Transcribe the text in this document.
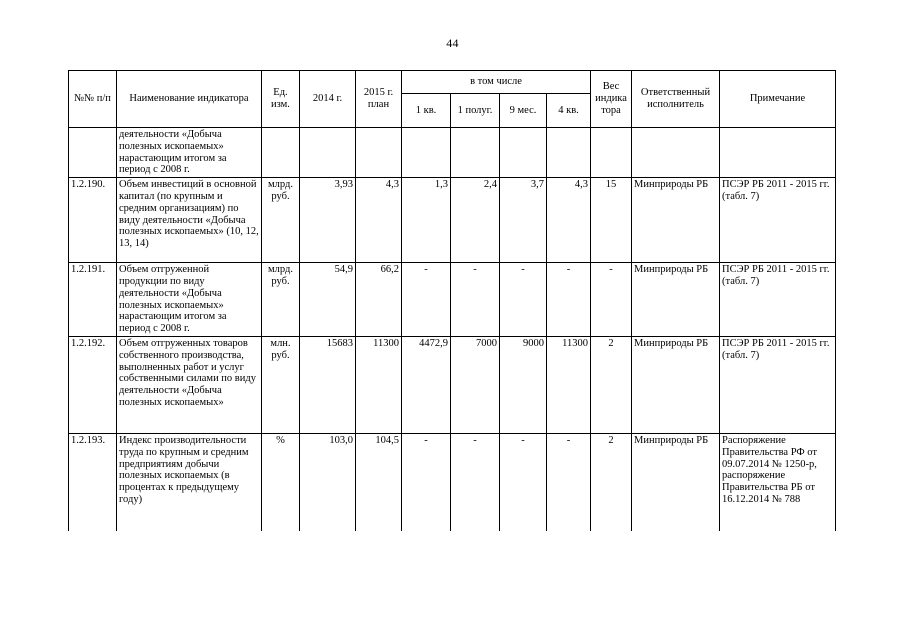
44
№№ п/п	Наименование индикатора	Ед. изм.	2014 г.	2015 г. план	в том числе				Вес индика тора	Ответственный исполнитель	Примечание
					1 кв.	1 полуг.	9 мес.	4 кв.			
	деятельности «Добыча полезных ископаемых» нарастающим итогом за период с 2008 г.										
1.2.190.	Объем инвестиций в основной капитал (по крупным и средним организациям) по виду деятельности «Добыча полезных ископаемых» (10, 12, 13, 14)	млрд. руб.	3,93	4,3	1,3	2,4	3,7	4,3	15	Минприроды РБ	ПСЭР РБ 2011 - 2015 гг. (табл. 7)
1.2.191.	Объем отгруженной продукции по виду деятельности «Добыча полезных ископаемых» нарастающим итогом за период с 2008 г.	млрд. руб.	54,9	66,2	-	-	-	-	-	Минприроды РБ	ПСЭР РБ 2011 - 2015 гг. (табл. 7)
1.2.192.	Объем отгруженных товаров собственного производства, выполненных работ и услуг собственными силами по виду деятельности «Добыча полезных ископаемых»	млн. руб.	15683	11300	4472,9	7000	9000	11300	2	Минприроды РБ	ПСЭР РБ 2011 - 2015 гг. (табл. 7)
1.2.193.	Индекс производительности труда по крупным и средним предприятиям добычи полезных ископаемых (в процентах к предыдущему году)	%	103,0	104,5	-	-	-	-	2	Минприроды РБ	Распоряжение Правительства РФ от 09.07.2014 № 1250-р, распоряжение Правительства РБ от 16.12.2014 № 788
